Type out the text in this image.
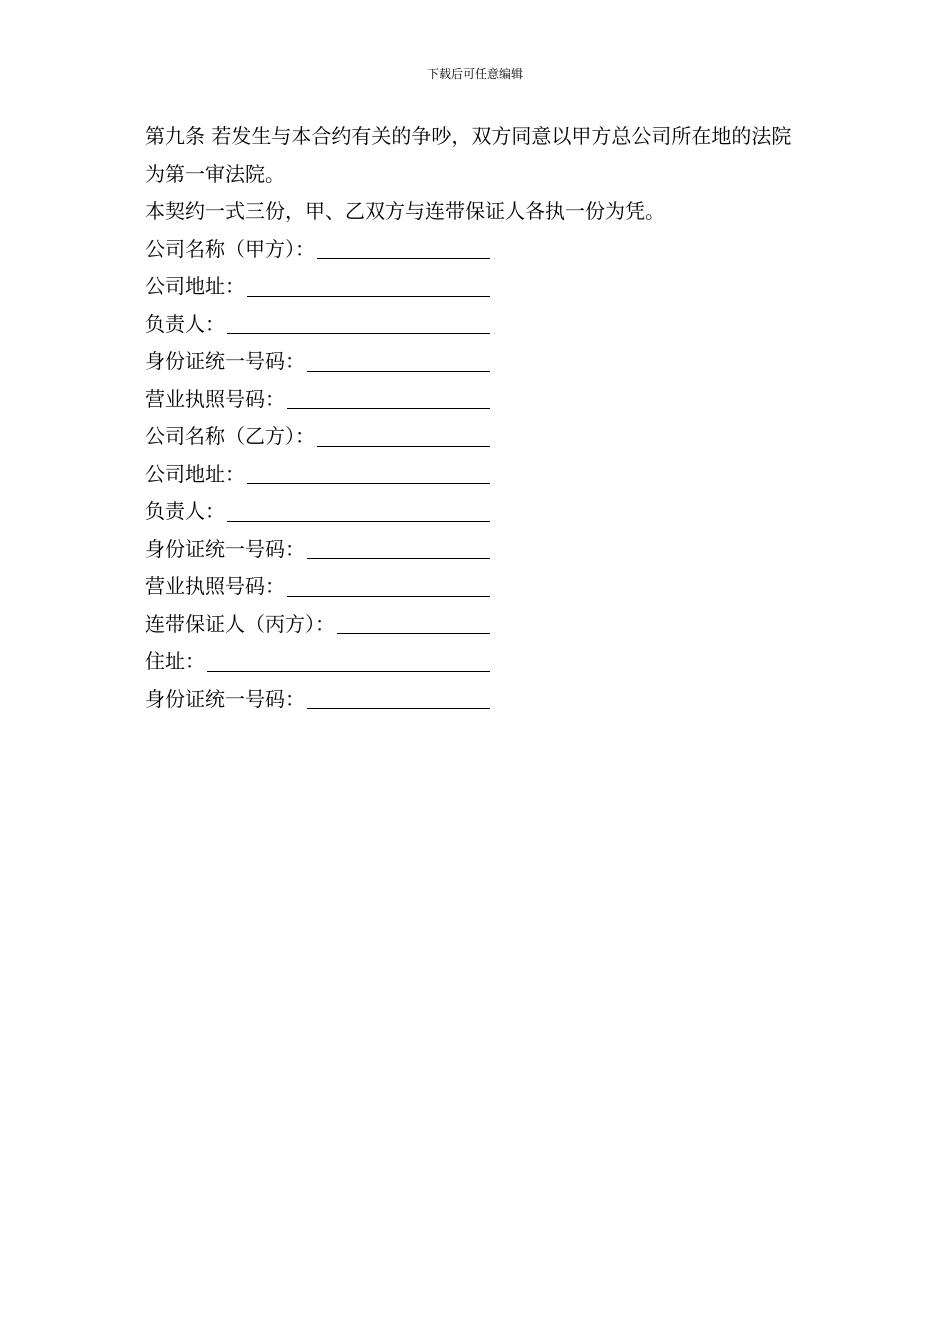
下载后可任意编辑

第九条 若发生与本合约有关的争吵，双方同意以甲方总公司所在地的法院为第一审法院。

本契约一式三份，甲、乙双方与连带保证人各执一份为凭。

公司名称（甲方）：
公司地址：
负责人：
身份证统一号码：
营业执照号码：
公司名称（乙方）：
公司地址：
负责人：
身份证统一号码：
营业执照号码：
连带保证人（丙方）：
住址：
身份证统一号码：
